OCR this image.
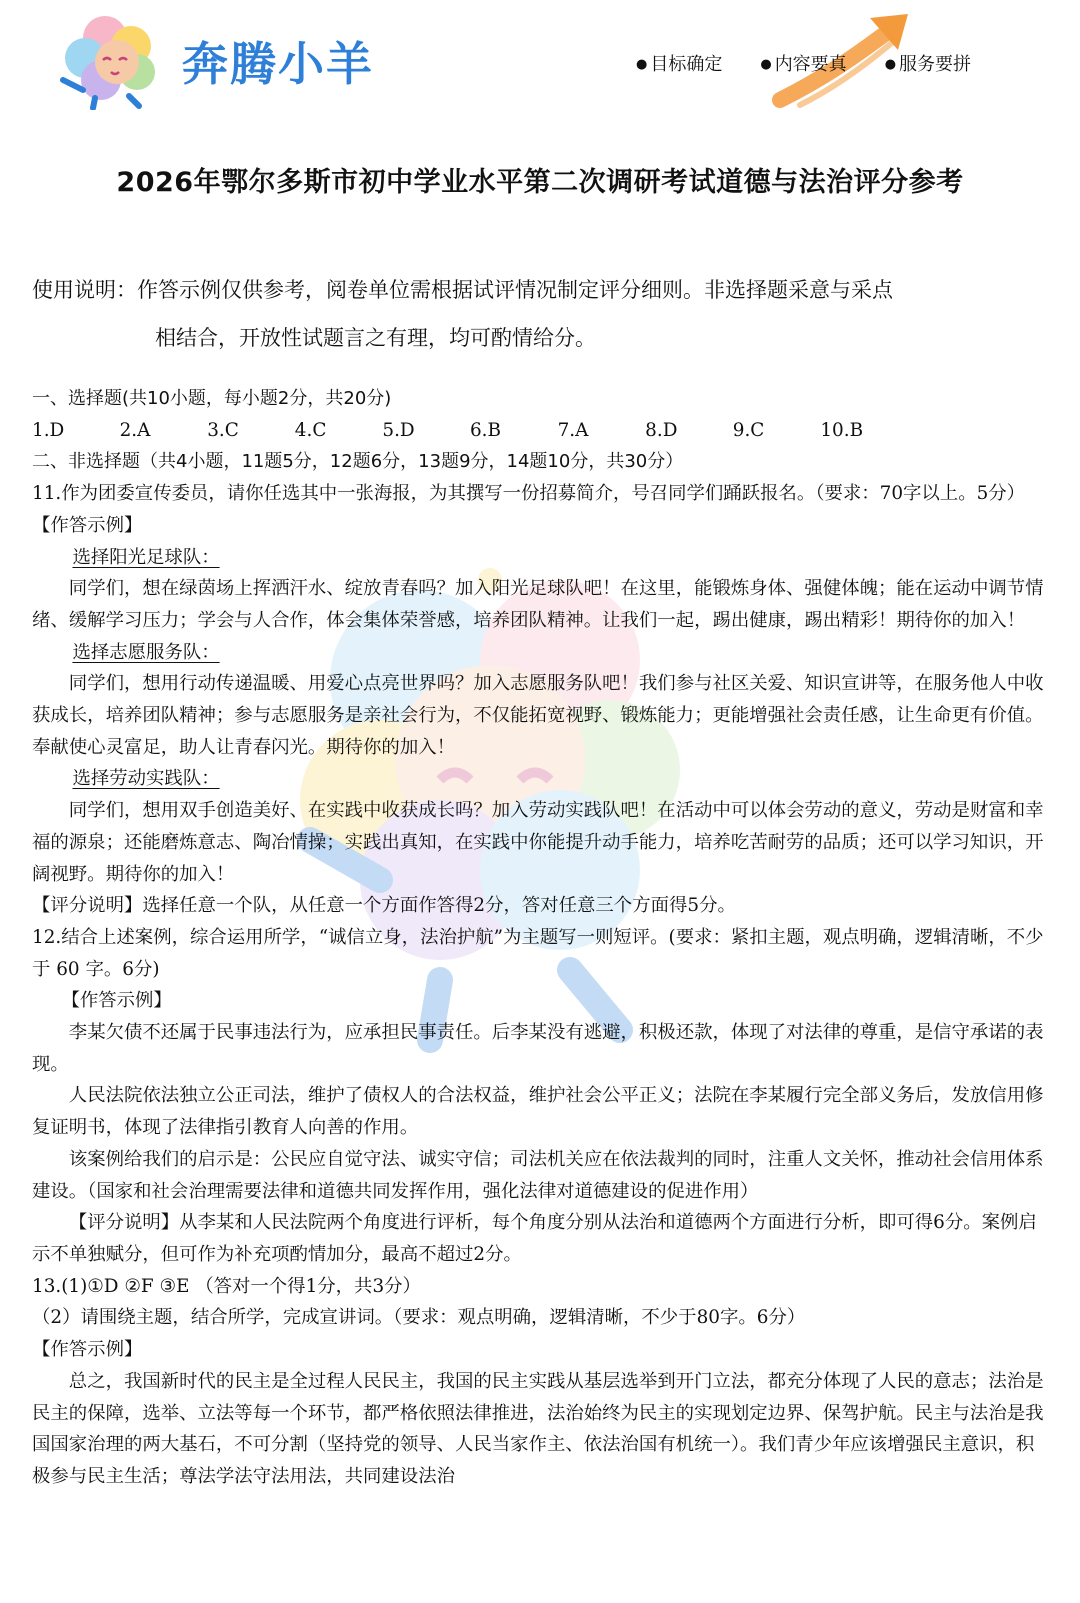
奔腾小羊	● 目标确定	● 内容要真	● 服务要拼
2026年鄂尔多斯市初中学业水平第二次调研考试道德与法治评分参考
使用说明：作答示例仅供参考，阅卷单位需根据试评情况制定评分细则。非选择题采意与采点
相结合，开放性试题言之有理，均可酌情给分。

一、选择题(共10小题，每小题2分，共20分)

1.D	2.A	3.C	4.C	5.D	6.B	7.A	8.D	9.C	10.B

二、非选择题（共4小题，11题5分，12题6分，13题9分，14题10分，共30分）

11.作为团委宣传委员，请你任选其中一张海报，为其撰写一份招募简介，号召同学们踊跃报名。（要求：70字以上。5分）

【作答示例】

选择阳光足球队：

同学们，想在绿茵场上挥洒汗水、绽放青春吗？加入阳光足球队吧！在这里，能锻炼身体、强健体魄；能在运动中调节情绪、缓解学习压力；学会与人合作，体会集体荣誉感，培养团队精神。让我们一起，踢出健康，踢出精彩！期待你的加入！

选择志愿服务队：

同学们，想用行动传递温暖、用爱心点亮世界吗？加入志愿服务队吧！我们参与社区关爱、知识宣讲等，在服务他人中收获成长，培养团队精神；参与志愿服务是亲社会行为，不仅能拓宽视野、锻炼能力；更能增强社会责任感，让生命更有价值。奉献使心灵富足，助人让青春闪光。期待你的加入！

选择劳动实践队：

同学们，想用双手创造美好、在实践中收获成长吗？加入劳动实践队吧！在活动中可以体会劳动的意义，劳动是财富和幸福的源泉；还能磨炼意志、陶冶情操；实践出真知，在实践中你能提升动手能力，培养吃苦耐劳的品质；还可以学习知识，开阔视野。期待你的加入！

【评分说明】选择任意一个队，从任意一个方面作答得2分，答对任意三个方面得5分。

12.结合上述案例，综合运用所学，“诚信立身，法治护航”为主题写一则短评。(要求：紧扣主题，观点明确，逻辑清晰，不少于 60 字。6分)

【作答示例】

李某欠债不还属于民事违法行为，应承担民事责任。后李某没有逃避，积极还款，体现了对法律的尊重，是信守承诺的表现。

人民法院依法独立公正司法，维护了债权人的合法权益，维护社会公平正义；法院在李某履行完全部义务后，发放信用修复证明书，体现了法律指引教育人向善的作用。

该案例给我们的启示是：公民应自觉守法、诚实守信；司法机关应在依法裁判的同时，注重人文关怀，推动社会信用体系建设。（国家和社会治理需要法律和道德共同发挥作用，强化法律对道德建设的促进作用）

【评分说明】从李某和人民法院两个角度进行评析，每个角度分别从法治和道德两个方面进行分析，即可得6分。案例启示不单独赋分，但可作为补充项酌情加分，最高不超过2分。

13.(1)①D ②F ③E （答对一个得1分，共3分）

（2）请围绕主题，结合所学，完成宣讲词。（要求：观点明确，逻辑清晰，不少于80字。6分）

【作答示例】

总之，我国新时代的民主是全过程人民民主，我国的民主实践从基层选举到开门立法，都充分体现了人民的意志；法治是民主的保障，选举、立法等每一个环节，都严格依照法律推进，法治始终为民主的实现划定边界、保驾护航。民主与法治是我国国家治理的两大基石，不可分割（坚持党的领导、人民当家作主、依法治国有机统一）。我们青少年应该增强民主意识，积极参与民主生活；尊法学法守法用法，共同建设法治
